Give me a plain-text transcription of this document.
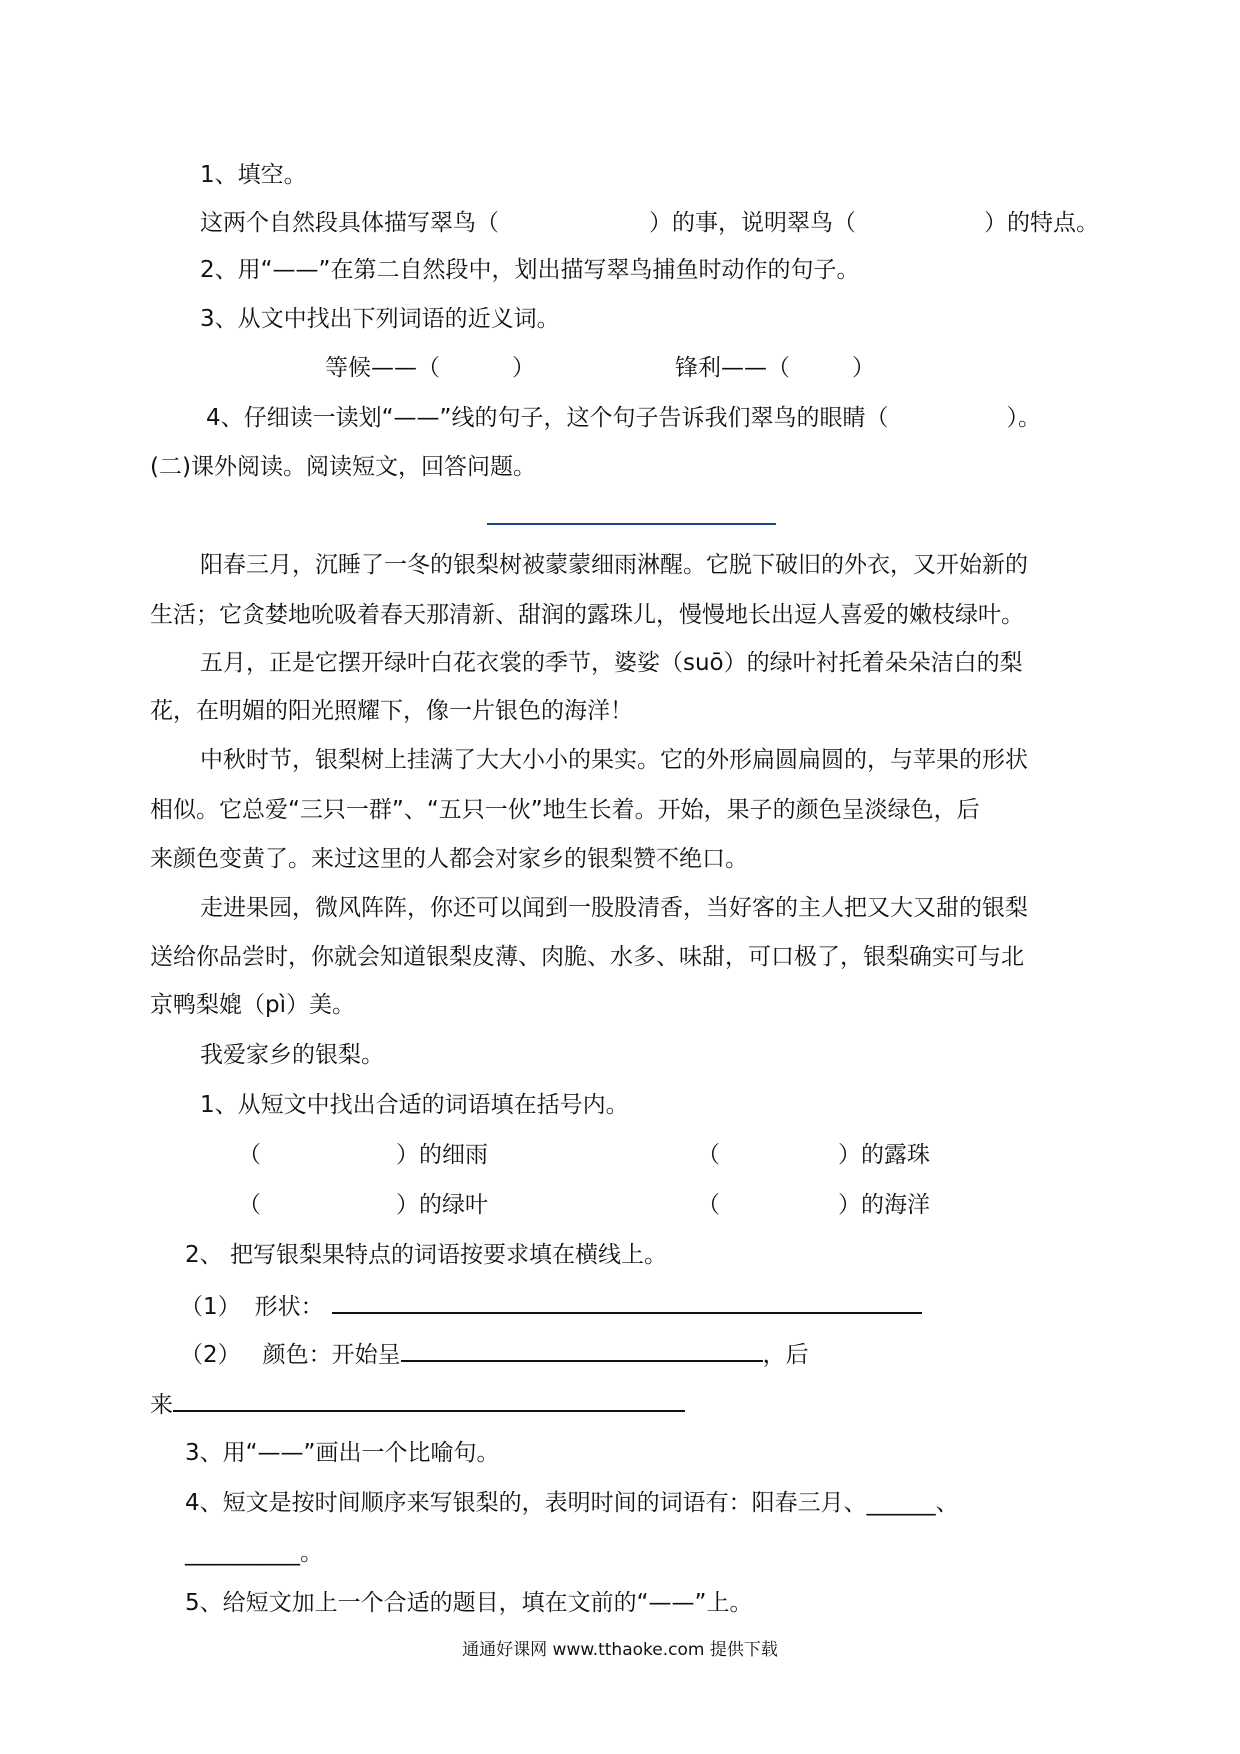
1、填空。
这两个自然段具体描写翠鸟（	）的事，说明翠鸟（	）的特点。
2、用“——”在第二自然段中，划出描写翠鸟捕鱼时动作的句子。
3、从文中找出下列词语的近义词。
等候——（	）	锋利——（	）
4、仔细读一读划“——”线的句子，这个句子告诉我们翠鸟的眼睛（	）。
(二)课外阅读。阅读短文，回答问题。
阳春三月，沉睡了一冬的银梨树被蒙蒙细雨淋醒。它脱下破旧的外衣，又开始新的
生活；它贪婪地吮吸着春天那清新、甜润的露珠儿，慢慢地长出逗人喜爱的嫩枝绿叶。
五月，正是它摆开绿叶白花衣裳的季节，婆娑（suō）的绿叶衬托着朵朵洁白的梨
花，在明媚的阳光照耀下，像一片银色的海洋！
中秋时节，银梨树上挂满了大大小小的果实。它的外形扁圆扁圆的，与苹果的形状
相似。它总爱“三只一群”、“五只一伙”地生长着。开始，果子的颜色呈淡绿色，后
来颜色变黄了。来过这里的人都会对家乡的银梨赞不绝口。
走进果园，微风阵阵，你还可以闻到一股股清香，当好客的主人把又大又甜的银梨
送给你品尝时，你就会知道银梨皮薄、肉脆、水多、味甜，可口极了，银梨确实可与北
京鸭梨媲（pì）美。
我爱家乡的银梨。
1、从短文中找出合适的词语填在括号内。
（	）的细雨	（	）的露珠
（	）的绿叶	（	）的海洋
2、 把写银梨果特点的词语按要求填在横线上。
（1） 形状：
（2） 颜色：开始呈	，后
来
3、用“——”画出一个比喻句。
4、短文是按时间顺序来写银梨的，表明时间的词语有：阳春三月、______、
__________。
5、给短文加上一个合适的题目，填在文前的“——”上。
通通好课网 www.tthaoke.com 提供下载
